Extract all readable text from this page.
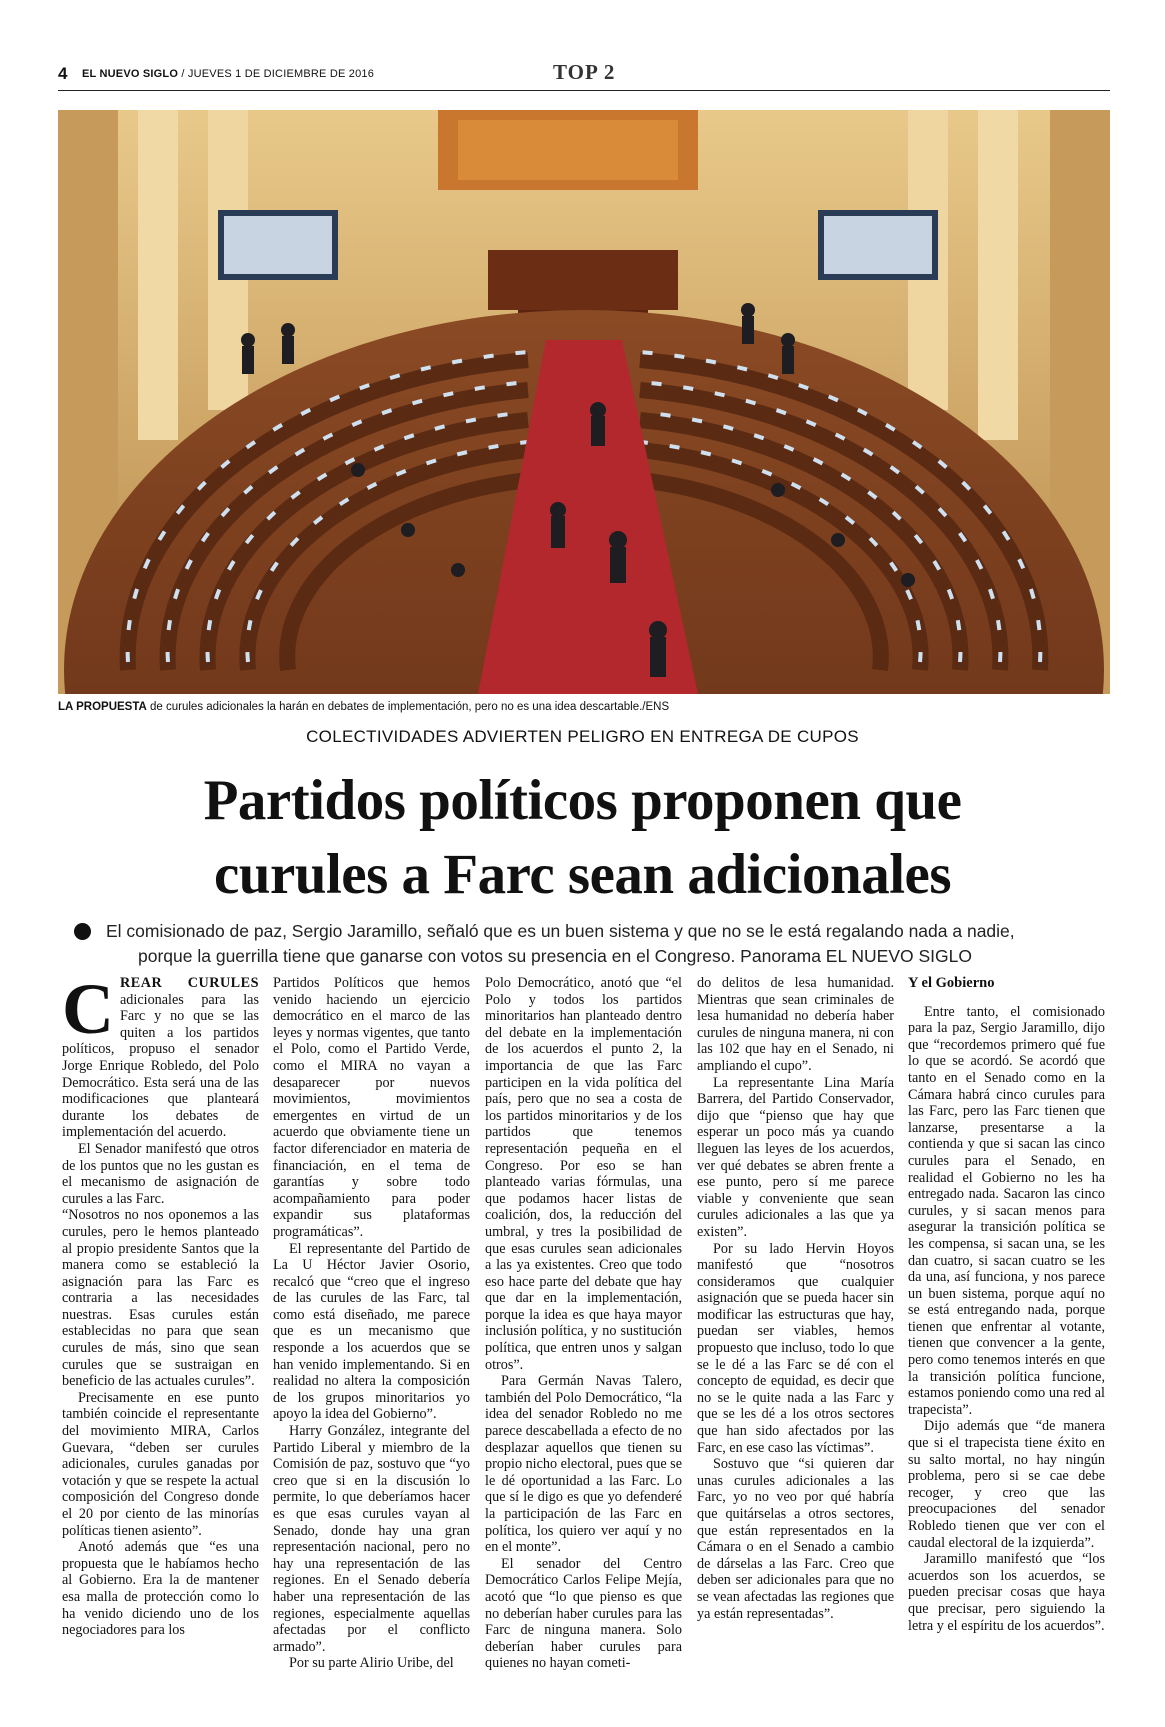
4 EL NUEVO SIGLO / JUEVES 1 DE DICIEMBRE DE 2016	TOP 2
LA PROPUESTA de curules adicionales la harán en debates de implementación, pero no es una idea descartable./ENS
COLECTIVIDADES ADVIERTEN PELIGRO EN ENTREGA DE CUPOS
Partidos políticos proponen que
curules a Farc sean adicionales
El comisionado de paz, Sergio Jaramillo, señaló que es un buen sistema y que no se le está regalando nada a nadie,
porque la guerrilla tiene que ganarse con votos su presencia en el Congreso. Panorama EL NUEVO SIGLO

CREAR CURULES adicionales para las Farc y no que se las quiten a los partidos políticos, propuso el senador Jorge Enrique Robledo, del Polo Democrático. Esta será una de las modificaciones que planteará durante los debates de implementación del acuerdo.

El Senador manifestó que otros de los puntos que no les gustan es el mecanismo de asignación de curules a las Farc.

“Nosotros no nos oponemos a las curules, pero le hemos planteado al propio presidente Santos que la manera como se estableció la asignación para las Farc es contraria a las necesidades nuestras. Esas curules están establecidas no para que sean curules de más, sino que sean curules que se sustraigan en beneficio de las actuales curules”.

Precisamente en ese punto también coincide el representante del movimiento MIRA, Carlos Guevara, “deben ser curules adicionales, curules ganadas por votación y que se respete la actual composición del Congreso donde el 20 por ciento de las minorías políticas tienen asiento”.

Anotó además que “es una propuesta que le habíamos hecho al Gobierno. Era la de mantener esa malla de protección como lo ha venido diciendo uno de los negociadores para los

Partidos Políticos que hemos venido haciendo un ejercicio democrático en el marco de las leyes y normas vigentes, que tanto el Polo, como el Partido Verde, como el MIRA no vayan a desaparecer por nuevos movimientos, movimientos emergentes en virtud de un acuerdo que obviamente tiene un factor diferenciador en materia de financiación, en el tema de garantías y sobre todo acompañamiento para poder expandir sus plataformas programáticas”.

El representante del Partido de La U Héctor Javier Osorio, recalcó que “creo que el ingreso de las curules de las Farc, tal como está diseñado, me parece que es un mecanismo que responde a los acuerdos que se han venido implementando. Si en realidad no altera la composición de los grupos minoritarios yo apoyo la idea del Gobierno”.

Harry González, integrante del Partido Liberal y miembro de la Comisión de paz, sostuvo que “yo creo que si en la discusión lo permite, lo que deberíamos hacer es que esas curules vayan al Senado, donde hay una gran representación nacional, pero no hay una representación de las regiones. En el Senado debería haber una representación de las regiones, especialmente aquellas afectadas por el conflicto armado”.

Por su parte Alirio Uribe, del

Polo Democrático, anotó que “el Polo y todos los partidos minoritarios han planteado dentro del debate en la implementación de los acuerdos el punto 2, la importancia de que las Farc participen en la vida política del país, pero que no sea a costa de los partidos minoritarios y de los partidos que tenemos representación pequeña en el Congreso. Por eso se han planteado varias fórmulas, una que podamos hacer listas de coalición, dos, la reducción del umbral, y tres la posibilidad de que esas curules sean adicionales a las ya existentes. Creo que todo eso hace parte del debate que hay que dar en la implementación, porque la idea es que haya mayor inclusión política, y no sustitución política, que entren unos y salgan otros”.

Para Germán Navas Talero, también del Polo Democrático, “la idea del senador Robledo no me parece descabellada a efecto de no desplazar aquellos que tienen su propio nicho electoral, pues que se le dé oportunidad a las Farc. Lo que sí le digo es que yo defenderé la participación de las Farc en política, los quiero ver aquí y no en el monte”.

El senador del Centro Democrático Carlos Felipe Mejía, acotó que “lo que pienso es que no deberían haber curules para las Farc de ninguna manera. Solo deberían haber curules para quienes no hayan cometi-

do delitos de lesa humanidad. Mientras que sean criminales de lesa humanidad no debería haber curules de ninguna manera, ni con las 102 que hay en el Senado, ni ampliando el cupo”.

La representante Lina María Barrera, del Partido Conservador, dijo que “pienso que hay que esperar un poco más ya cuando lleguen las leyes de los acuerdos, ver qué debates se abren frente a ese punto, pero sí me parece viable y conveniente que sean curules adicionales a las que ya existen”.

Por su lado Hervin Hoyos manifestó que “nosotros consideramos que cualquier asignación que se pueda hacer sin modificar las estructuras que hay, puedan ser viables, hemos propuesto que incluso, todo lo que se le dé a las Farc se dé con el concepto de equidad, es decir que no se le quite nada a las Farc y que se les dé a los otros sectores que han sido afectados por las Farc, en ese caso las víctimas”.

Sostuvo que “si quieren dar unas curules adicionales a las Farc, yo no veo por qué habría que quitárselas a otros sectores, que están representados en la Cámara o en el Senado a cambio de dárselas a las Farc. Creo que deben ser adicionales para que no se vean afectadas las regiones que ya están representadas”.

Y el Gobierno

Entre tanto, el comisionado para la paz, Sergio Jaramillo, dijo que “recordemos primero qué fue lo que se acordó. Se acordó que tanto en el Senado como en la Cámara habrá cinco curules para las Farc, pero las Farc tienen que lanzarse, presentarse a la contienda y que si sacan las cinco curules para el Senado, en realidad el Gobierno no les ha entregado nada. Sacaron las cinco curules, y si sacan menos para asegurar la transición política se les compensa, si sacan una, se les dan cuatro, si sacan cuatro se les da una, así funciona, y nos parece un buen sistema, porque aquí no se está entregando nada, porque tienen que enfrentar al votante, tienen que convencer a la gente, pero como tenemos interés en que la transición política funcione, estamos poniendo como una red al trapecista”.

Dijo además que “de manera que si el trapecista tiene éxito en su salto mortal, no hay ningún problema, pero si se cae debe recoger, y creo que las preocupaciones del senador Robledo tienen que ver con el caudal electoral de la izquierda”.

Jaramillo manifestó que “los acuerdos son los acuerdos, se pueden precisar cosas que haya que precisar, pero siguiendo la letra y el espíritu de los acuerdos”.
